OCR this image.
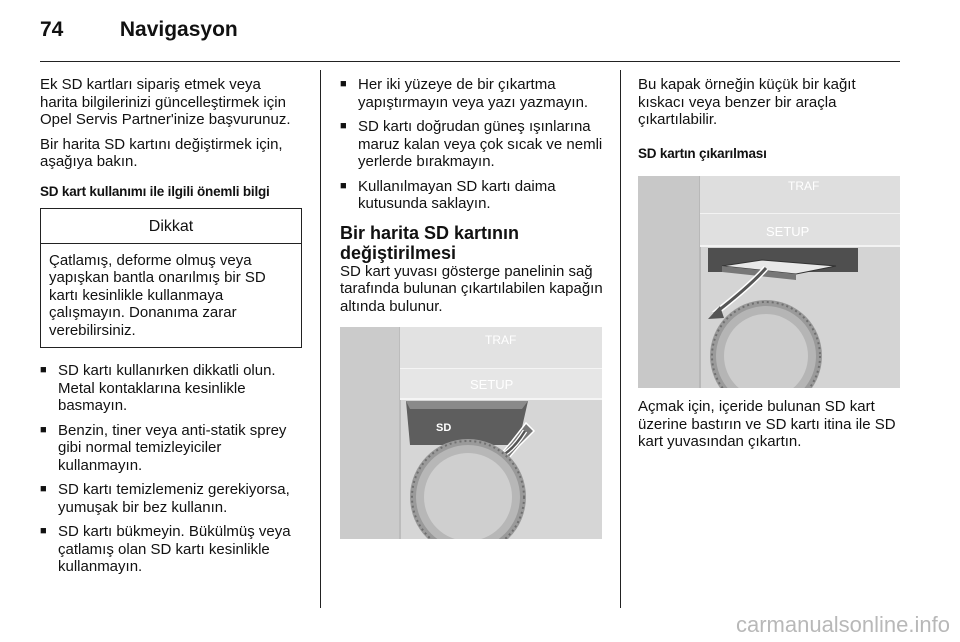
74	Navigasyon

Ek SD kartları sipariş etmek veya harita bilgilerinizi güncelleştirmek için Opel Servis Partner'inize başvurunuz.

Bir harita SD kartını değiştirmek için, aşağıya bakın.

SD kart kullanımı ile ilgili önemli bilgi
Dikkat
Çatlamış, deforme olmuş veya yapışkan bantla onarılmış bir SD kartı kesinlikle kullanmaya çalışmayın. Donanıma zarar verebilirsiniz.
■ SD kartı kullanırken dikkatli olun. Metal kontaklarına kesinlikle basmayın.
■ Benzin, tiner veya anti-statik sprey gibi normal temizleyiciler kullanmayın.
■ SD kartı temizlemeniz gerekiyorsa, yumuşak bir bez kullanın.
■ SD kartı bükmeyin. Bükülmüş veya çatlamış olan SD kartı kesinlikle kullanmayın.
■ Her iki yüzeye de bir çıkartma yapıştırmayın veya yazı yazmayın.
■ SD kartı doğrudan güneş ışınlarına maruz kalan veya çok sıcak ve nemli yerlerde bırakmayın.
■ Kullanılmayan SD kartı daima kutusunda saklayın.
Bir harita SD kartının değiştirilmesi

SD kart yuvası gösterge panelinin sağ tarafında bulunan çıkartılabilen kapağın altında bulunur.

TRAF
SETUP
SD

Bu kapak örneğin küçük bir kağıt kıskacı veya benzer bir araçla çıkartılabilir.

SD kartın çıkarılması
TRAF
SETUP

Açmak için, içeride bulunan SD kart üzerine bastırın ve SD kartı itina ile SD kart yuvasından çıkartın.

carmanualsonline.info
